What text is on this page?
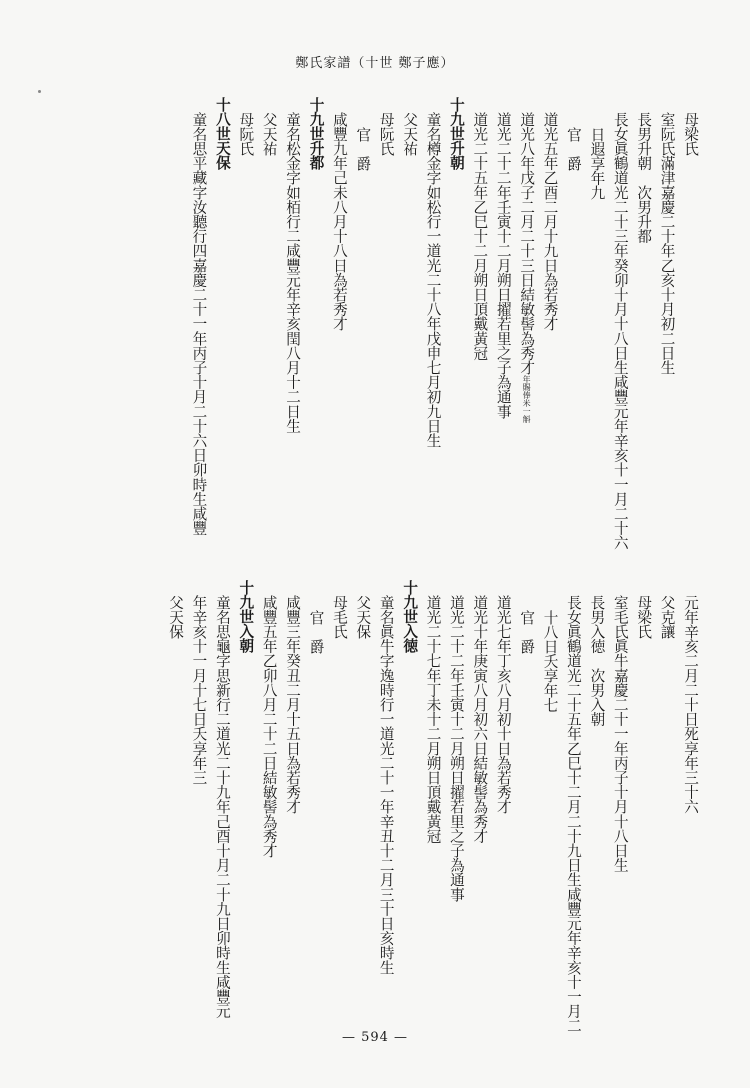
鄭氏家譜（十世 鄭子應）
母梁氏
室阮氏滿津嘉慶二十年乙亥十月初二日生
長男升朝　次男升都
長女眞鶴道光二十三年癸卯十月十八日生咸豐元年辛亥十一月二十六
日遐享年九
官　爵
道光五年乙酉二月十九日為若秀才
道光八年戊子二月二十三日結敏髻為秀才年賜俸米一斛
道光二十二年壬寅十二月朔日擢若里之子為通事
道光二十五年乙巳十二月朔日頂戴黃冠
十九世升朝
童名樽金字如松行一道光二十八年戊申七月初九日生
父天祐
母阮氏
官　爵
咸豐九年己未八月十八日為若秀才
十九世升都
童名松金字如栢行二咸豐元年辛亥閏八月十二日生
父天祐
母阮氏
十八世天保
童名思平藏字汝聽行四嘉慶二十一年丙子十月二十六日卯時生咸豐
元年辛亥二月二十日死享年三十六
父克讓
母梁氏
室毛氏眞牛嘉慶二十一年丙子十月十八日生
長男入徳　次男入朝
長女眞鶴道光二十五年乙巳十二月二十九日生咸豐元年辛亥十一月二
十八日夭享年七
官　爵
道光七年丁亥八月初十日為若秀才
道光十年庚寅八月初六日結敏髻為秀才
道光二十二年壬寅十二月朔日擢若里之子為通事
道光二十七年丁未十二月朔日頂戴黃冠
十九世入徳
童名眞牛字逸時行一道光二十一年辛丑十二月三十日亥時生
父天保
母毛氏
官　爵
咸豐三年癸丑二月十五日為若秀才
咸豐五年乙卯八月二十二日結敏髻為秀才
十九世入朝
童名思龜字思新行二道光二十九年己酉十月二十九日卯時生咸豐元
年辛亥十一月十七日夭享年三
父天保
— 594 —
